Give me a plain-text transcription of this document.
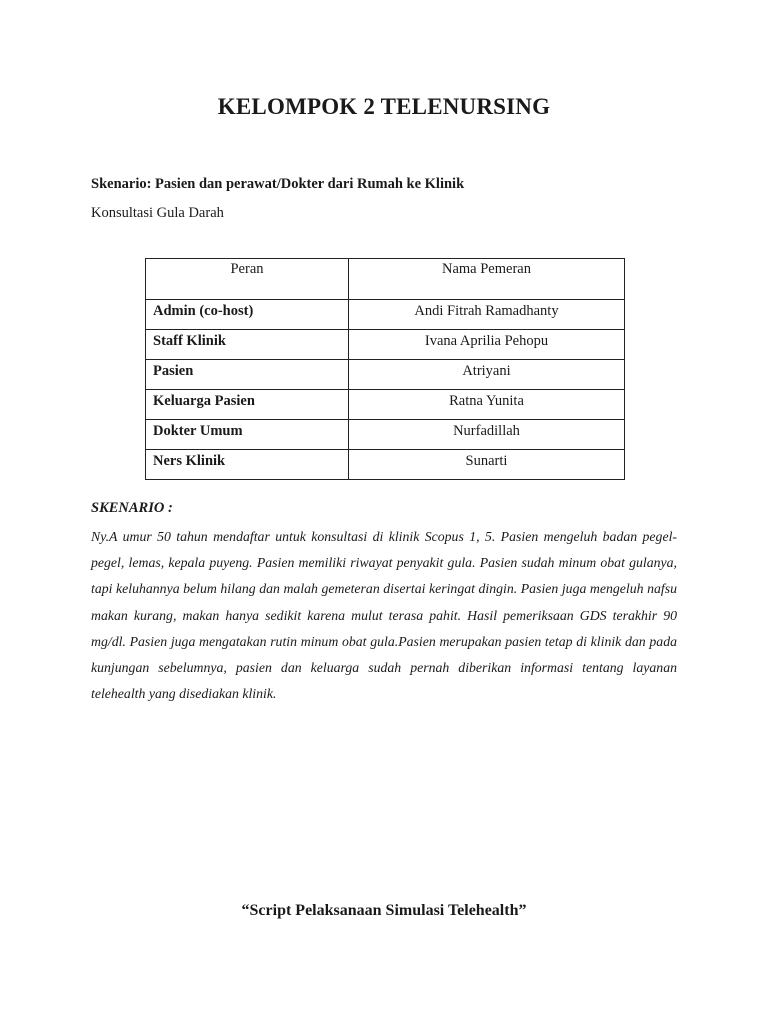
KELOMPOK 2 TELENURSING
Skenario: Pasien dan perawat/Dokter dari Rumah ke Klinik
Konsultasi Gula Darah
Peran	Nama Pemeran
Admin (co-host)	Andi Fitrah Ramadhanty
Staff Klinik	Ivana Aprilia Pehopu
Pasien	Atriyani
Keluarga Pasien	Ratna Yunita
Dokter Umum	Nurfadillah
Ners Klinik	Sunarti
SKENARIO :
Ny.A umur 50 tahun mendaftar untuk konsultasi di klinik Scopus 1, 5. Pasien mengeluh badan pegel-pegel, lemas, kepala puyeng. Pasien memiliki riwayat penyakit gula. Pasien sudah minum obat gulanya, tapi keluhannya belum hilang dan malah gemeteran disertai keringat dingin. Pasien juga mengeluh nafsu makan kurang, makan hanya sedikit karena mulut terasa pahit. Hasil pemeriksaan GDS terakhir 90 mg/dl. Pasien juga mengatakan rutin minum obat gula.Pasien merupakan pasien tetap di klinik dan pada kunjungan sebelumnya, pasien dan keluarga sudah pernah diberikan informasi tentang layanan telehealth yang disediakan klinik.
“Script Pelaksanaan Simulasi Telehealth”
